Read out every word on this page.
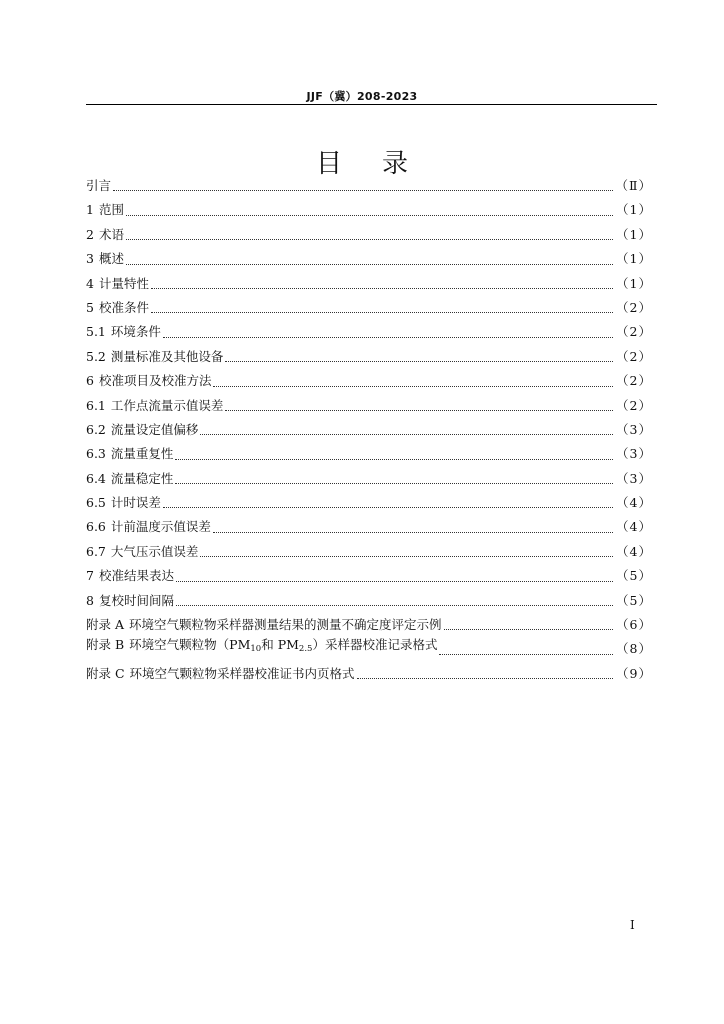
JJF（冀）208-2023
目录
引言	（Ⅱ）
1 范围	（1）
2 术语	（1）
3 概述	（1）
4 计量特性	（1）
5 校准条件	（2）
5.1 环境条件	（2）
5.2 测量标准及其他设备	（2）
6 校准项目及校准方法	（2）
6.1 工作点流量示值误差	（2）
6.2 流量设定值偏移	（3）
6.3 流量重复性	（3）
6.4 流量稳定性	（3）
6.5 计时误差	（4）
6.6 计前温度示值误差	（4）
6.7 大气压示值误差	（4）
7 校准结果表达	（5）
8 复校时间间隔	（5）
附录 A 环境空气颗粒物采样器测量结果的测量不确定度评定示例	（6）
附录 B 环境空气颗粒物（$PM_{10}$和 $PM_{2.5}$）采样器校准记录格式	（8）
附录 C 环境空气颗粒物采样器校准证书内页格式	（9）
I
